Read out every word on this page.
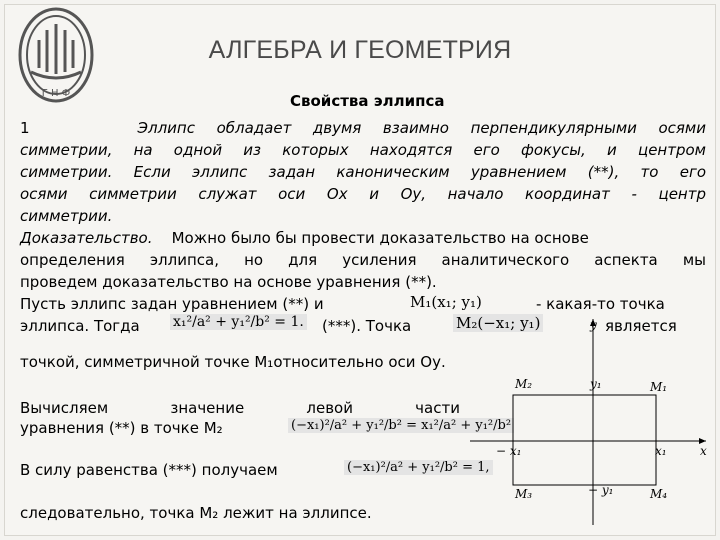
Г Н Ф
АЛГЕБРА И ГЕОМЕТРИЯ
Свойства эллипса
1	Эллипс обладает двумя взаимно перпендикулярными осями
симметрии, на одной из которых находятся его фокусы, и центром
симметрии. Если эллипс задан каноническим уравнением (**), то его
осями симметрии служат оси Ох и Оу, начало координат - центр
симметрии.
Доказательство. Можно было бы провести доказательство на основе
определения эллипса, но для усиления аналитического аспекта мы
проведем доказательство на основе уравнения (**).
Пусть эллипс задан уравнением (**) и	M₁(x₁; y₁)	- какая-то точка
эллипса. Тогда	x₁²/a² + y₁²/b² = 1. (***). Точка	M₂(−x₁; y₁)	является
точкой, симметричной точке M₁относительно оси Оу.
Вычисляем	значение	левой	части
уравнения (**) в точке M₂	(−x₁)²/a² + y₁²/b² = x₁²/a² + y₁²/b²
В силу равенства (***) получаем	(−x₁)²/a² + y₁²/b² = 1,
следовательно, точка M₂ лежит на эллипсе.
M₂	y₁	M₁
− x₁	x₁	x
y
M₃	− y₁	M₄
